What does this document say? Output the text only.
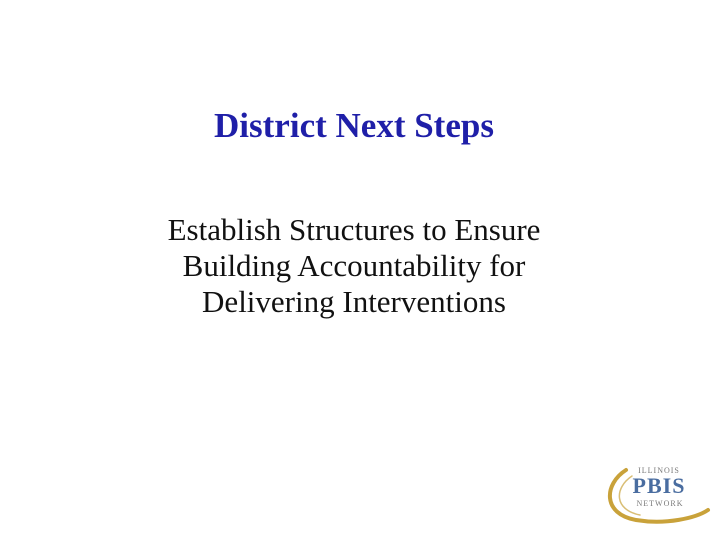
District Next Steps
Establish Structures to Ensure
Building Accountability for
Delivering Interventions
ILLINOIS
PBIS
NETWORK
